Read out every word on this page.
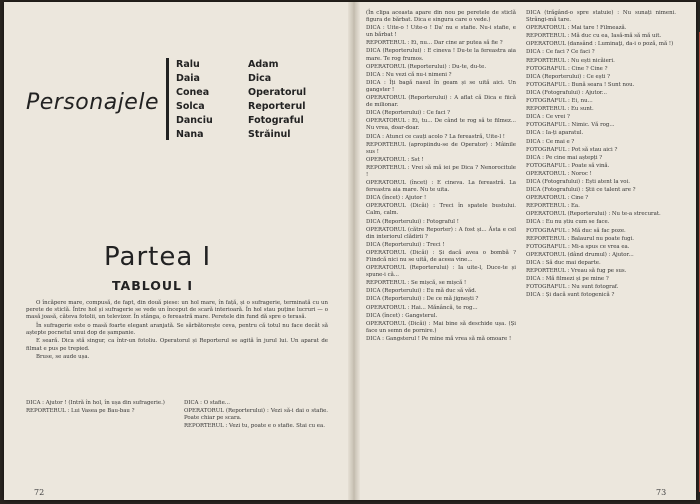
Personajele
Ralu
Daia
Conea
Solca
Danciu
Nana
Adam
Dica
Operatorul
Reporterul
Fotograful
Străinul
Partea I
TABLOUL I

O încăpere mare, compusă, de fapt, din două piese: un hol mare, în față, și o sufragerie, terminată cu un perete de sticlă. Între hol și sufragerie se vede un început de scară interioară. În hol stau puține lucruri — o masă joasă, câteva fotolii, un televizor. În stânga, o fereastră mare. Peretele din fund dă spre o terasă.

În sufragerie este o masă foarte elegant aranjată. Se sărbătorește ceva, pentru că totul nu face decât să aștepte pocnetul unui dop de șampanie.

E seară. Dica stă singur, ca într-un fotoliu. Operatorul și Reporterul se agită în jurul lui. Un aparat de filmat e pus pe trepied.

Bruse, se aude ușa.

DICA : Ajutor ! (Intră în hol, în ușa din sufragerie.)

REPORTERUL : Lui Vasea pe Bau-bau ?

DICA : O stafie...

OPERATORUL (Reporterului) : Vezi să-i dai o stafie. Poate chiar pe scara.

REPORTERUL : Vezi tu, poate e o stafie. Stai cu ea.

72

(În clipa aceasta apare din nou pe peretele de sticlă figura de bărbat. Dica e singura care o vede.)

DICA : Uite-o ! Uite-o ! Da' nu e stafie. Nu-i stafie, e un bărbat !

REPORTERUL : Ei, nu... Dar cine ar putea să fie ?

DICA (Reporterului) : E cineva ! Du-te la fereastra aia mare. Te rog frumos.

OPERATORUL (Reporterului) : Du-te, du-te.

DICA : Nu vezi că nu-i nimeni ?

DICA : Îți bagă nasul în geam și se uită aici. Un gangster !

OPERATORUL (Reporterului) : A aflat că Dica e fiică de milionar.

DICA (Reporterului) : Ce faci ?

OPERATORUL : Ei, tu... De când te rog să te filmez... Nu vrea, doar-doar.

DICA : Atunci ce cauți acolo ? La fereastră, Uite-l !

REPORTERUL (apropiindu-se de Operator) : Mâinile sus !

OPERATORUL : Sst !

REPORTERUL : Vrei să mă iei pe Dica ? Nenorocitule !

OPERATORUL (încet) : E cineva. La fereastră. La fereastra aia mare. Nu te uita.

DICA (încet) : Ajutor !

OPERATORUL (Dicăi) : Treci în spatele bustului. Calm, calm.

DICA (Reporterului) : Fotograful !

OPERATORUL (către Reporter) : A fost și... Ăsta e cel din interiorul clădirii ?

DICA (Reporterului) : Treci !

OPERATORUL (Dicăi) : Și dacă avea o bombă ? Fiindcă nici nu se uită, de aceea vine...

OPERATORUL (Reporterului) : Ia uite-l, Duce-te și spune-i că...

REPORTERUL : Se mișcă, se mișcă !

DICA (Reporterului) : Eu mă duc să văd.

DICA (Reporterului) : De ce mă jignești ?

OPERATORUL : Hai... Mănâncă, te rog...

DICA (încet) : Gangsterul.

OPERATORUL (Dicăi) : Mai bine să deschide ușa. (Și face un semn de pornire.)

DICA : Gangsterul ! Pe mine mă vrea să mă omoare !

DICA (trăgând-o spre statuie) : Nu sunați nimeni. Strângi-mă tare.

OPERATORUL : Mai tare ! Filmează.

REPORTERUL : Mă duc cu ea, Iasă-mă să mă uit.

OPERATORUL (dansând : Luminaţi, da-i o poză, mă !)

DICA : Ce faci ? Ce faci ?

REPORTERUL : Nu ești nicăieri.

FOTOGRAFUL : Cine ? Cine ?

DICA (Reporterului) : Ce ești ?

FOTOGRAFUL : Bună seara ! Sunt nou.

DICA (Fotografului) : Ajutor...

FOTOGRAFUL : Ei, nu...

REPORTERUL : Eu sunt.

DICA : Ce vrei ?

FOTOGRAFUL : Nimic. Vă rog...

DICA : Ia-ți aparatul.

DICA : Ce mai e ?

FOTOGRAFUL : Pot să stau aici ?

DICA : Pe cine mai aștepți ?

FOTOGRAFUL : Poate să vină.

OPERATORUL : Noroc !

DICA (Fotografului) : Ești atent la voi.

DICA (Fotografului) : Știi ce talent are ?

OPERATORUL : Cine ?

REPORTERUL : Ea.

OPERATORUL (Reporterului) : Nu te-a strecurat.

DICA : Eu nu știu cum se face.

FOTOGRAFUL : Mă duc să fac poze.

REPORTERUL : Balaurul nu poate fugi.

FOTOGRAFUL : Mi-a spus ce vrea ea.

OPERATORUL (dând drumul) : Ajutor...

DICA : Să duc mai departe.

REPORTERUL : Vreau să fug pe sus.

DICA : Mă filmezi și pe mine ?

FOTOGRAFUL : Nu sunt fotograf.

DICA : Și dacă sunt fotogenică ?

73
